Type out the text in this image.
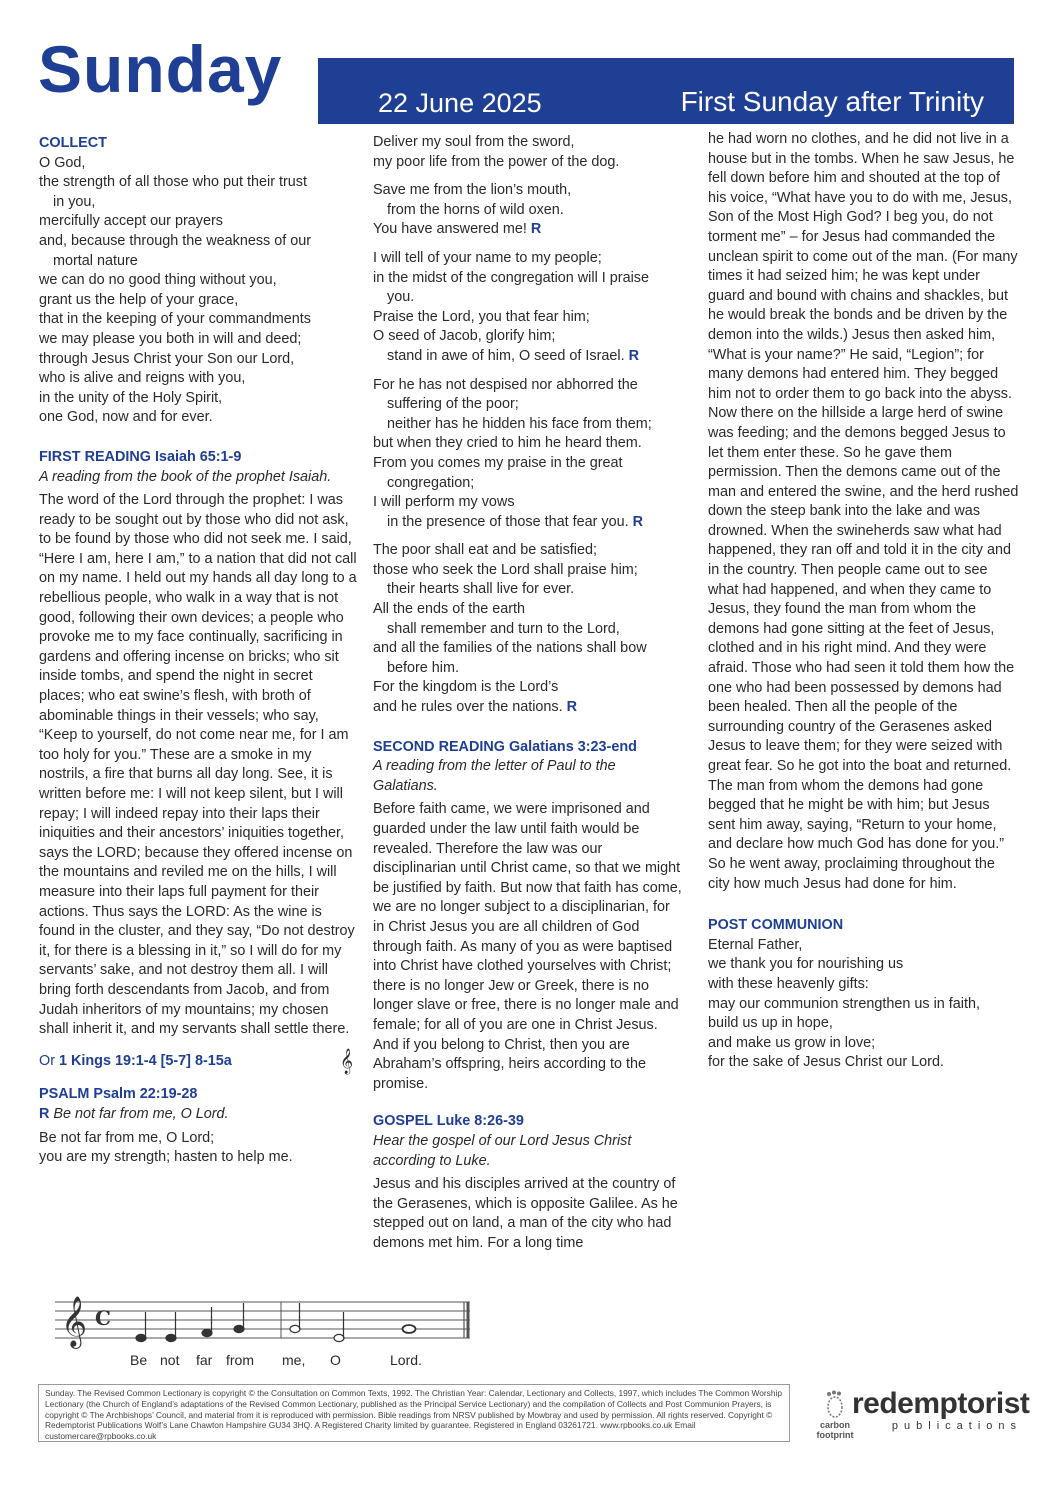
Sunday	22 June 2025	First Sunday after Trinity
COLLECT
O God,
the strength of all those who put their trust
in you,
mercifully accept our prayers
and, because through the weakness of our
mortal nature
we can do no good thing without you,
grant us the help of your grace,
that in the keeping of your commandments
we may please you both in will and deed;
through Jesus Christ your Son our Lord,
who is alive and reigns with you,
in the unity of the Holy Spirit,
one God, now and for ever.
FIRST READING Isaiah 65:1-9
A reading from the book of the prophet Isaiah.
The word of the Lord through the prophet: I was ready to be sought out by those who did not ask, to be found by those who did not seek me. I said, “Here I am, here I am,” to a nation that did not call on my name. I held out my hands all day long to a rebellious people, who walk in a way that is not good, following their own devices; a people who provoke me to my face continually, sacrificing in gardens and offering incense on bricks; who sit inside tombs, and spend the night in secret places; who eat swine’s flesh, with broth of abominable things in their vessels; who say, “Keep to yourself, do not come near me, for I am too holy for you.” These are a smoke in my nostrils, a fire that burns all day long. See, it is written before me: I will not keep silent, but I will repay; I will indeed repay into their laps their iniquities and their ancestors’ iniquities together, says the LORD; because they offered incense on the mountains and reviled me on the hills, I will measure into their laps full payment for their actions. Thus says the LORD: As the wine is found in the cluster, and they say, “Do not destroy it, for there is a blessing in it,” so I will do for my servants’ sake, and not destroy them all. I will bring forth descendants from Jacob, and from Judah inheritors of my mountains; my chosen shall inherit it, and my servants shall settle there.
Or 1 Kings 19:1-4 [5-7] 8-15a	𝄞
PSALM Psalm 22:19-28
R Be not far from me, O Lord.
Be not far from me, O Lord;
you are my strength; hasten to help me.
Deliver my soul from the sword,
my poor life from the power of the dog.
Save me from the lion’s mouth,
from the horns of wild oxen.
You have answered me! R
I will tell of your name to my people;
in the midst of the congregation will I praise
you.
Praise the Lord, you that fear him;
O seed of Jacob, glorify him;
stand in awe of him, O seed of Israel. R
For he has not despised nor abhorred the
suffering of the poor;
neither has he hidden his face from them;
but when they cried to him he heard them.
From you comes my praise in the great
congregation;
I will perform my vows
in the presence of those that fear you. R
The poor shall eat and be satisfied;
those who seek the Lord shall praise him;
their hearts shall live for ever.
All the ends of the earth
shall remember and turn to the Lord,
and all the families of the nations shall bow
before him.
For the kingdom is the Lord’s
and he rules over the nations. R
SECOND READING Galatians 3:23-end
A reading from the letter of Paul to the Galatians.
Before faith came, we were imprisoned and guarded under the law until faith would be revealed. Therefore the law was our disciplinarian until Christ came, so that we might be justified by faith. But now that faith has come, we are no longer subject to a disciplinarian, for in Christ Jesus you are all children of God through faith. As many of you as were baptised into Christ have clothed yourselves with Christ; there is no longer Jew or Greek, there is no longer slave or free, there is no longer male and female; for all of you are one in Christ Jesus. And if you belong to Christ, then you are Abraham’s offspring, heirs according to the promise.
GOSPEL Luke 8:26-39
Hear the gospel of our Lord Jesus Christ according to Luke.
Jesus and his disciples arrived at the country of the Gerasenes, which is opposite Galilee. As he stepped out on land, a man of the city who had demons met him. For a long time
he had worn no clothes, and he did not live in a house but in the tombs. When he saw Jesus, he fell down before him and shouted at the top of his voice, “What have you to do with me, Jesus, Son of the Most High God? I beg you, do not torment me” – for Jesus had commanded the unclean spirit to come out of the man. (For many times it had seized him; he was kept under guard and bound with chains and shackles, but he would break the bonds and be driven by the demon into the wilds.) Jesus then asked him, “What is your name?” He said, “Legion”; for many demons had entered him. They begged him not to order them to go back into the abyss. Now there on the hillside a large herd of swine was feeding; and the demons begged Jesus to let them enter these. So he gave them permission. Then the demons came out of the man and entered the swine, and the herd rushed down the steep bank into the lake and was drowned. When the swineherds saw what had happened, they ran off and told it in the city and in the country. Then people came out to see what had happened, and when they came to Jesus, they found the man from whom the demons had gone sitting at the feet of Jesus, clothed and in his right mind. And they were afraid. Those who had seen it told them how the one who had been possessed by demons had been healed. Then all the people of the surrounding country of the Gerasenes asked Jesus to leave them; for they were seized with great fear. So he got into the boat and returned. The man from whom the demons had gone begged that he might be with him; but Jesus sent him away, saying, “Return to your home, and declare how much God has done for you.” So he went away, proclaiming throughout the city how much Jesus had done for him.
POST COMMUNION
Eternal Father,
we thank you for nourishing us
with these heavenly gifts:
may our communion strengthen us in faith,
build us up in hope,
and make us grow in love;
for the sake of Jesus Christ our Lord.
𝄞 C
Be not far from me, O	Lord.
Sunday. The Revised Common Lectionary is copyright © the Consultation on Common Texts, 1992. The Christian Year: Calendar, Lectionary and Collects, 1997, which includes The Common Worship Lectionary (the Church of England’s adaptations of the Revised Common Lectionary, published as the Principal Service Lectionary) and the compilation of Collects and Post Communion Prayers, is copyright © The Archbishops’ Council, and material from it is reproduced with permission. Bible readings from NRSV published by Mowbray and used by permission. All rights reserved. Copyright © Redemptorist Publications Wolf’s Lane Chawton Hampshire GU34 3HQ. A Registered Charity limited by guarantee. Registered in England 03261721. www.rpbooks.co.uk Email customercare@rpbooks.co.uk
carbon footprint
redemptorist
publications
